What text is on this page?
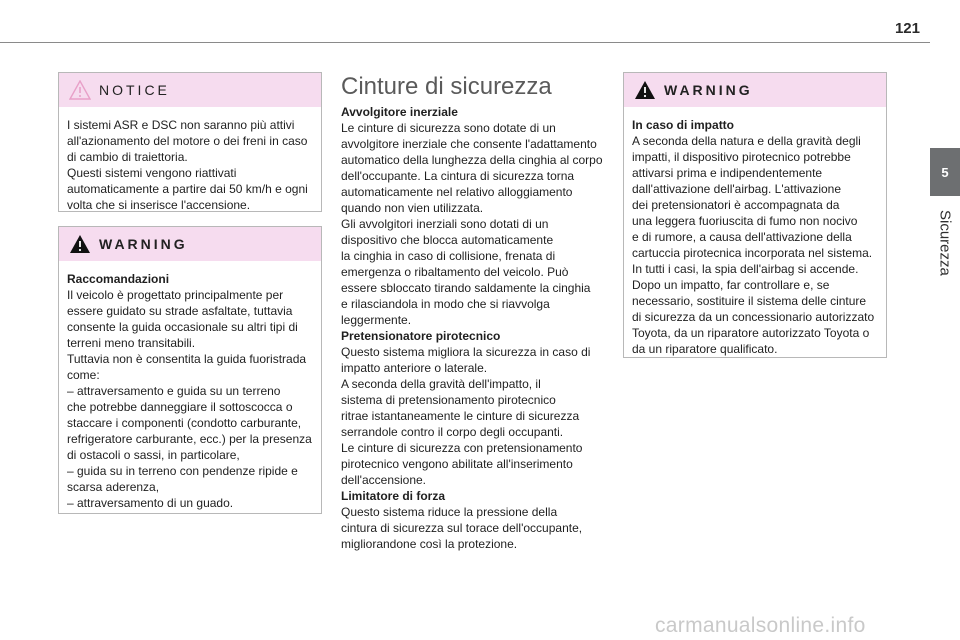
121
5
Sicurezza
NOTICE

I sistemi ASR e DSC non saranno più attivi

all'azionamento del motore o dei freni in caso

di cambio di traiettoria.

Questi sistemi vengono riattivati

automaticamente a partire dai 50 km/h e ogni

volta che si inserisce l'accensione.

WARNING

Raccomandazioni

Il veicolo è progettato principalmente per

essere guidato su strade asfaltate, tuttavia

consente la guida occasionale su altri tipi di

terreni meno transitabili.

Tuttavia non è consentita la guida fuoristrada

come:

– attraversamento e guida su un terreno

che potrebbe danneggiare il sottoscocca o

staccare i componenti (condotto carburante,

refrigeratore carburante, ecc.) per la presenza

di ostacoli o sassi, in particolare,

– guida su in terreno con pendenze ripide e

scarsa aderenza,

– attraversamento di un guado.

Cinture di sicurezza

Avvolgitore inerziale

Le cinture di sicurezza sono dotate di un

avvolgitore inerziale che consente l'adattamento

automatico della lunghezza della cinghia al corpo

dell'occupante. La cintura di sicurezza torna

automaticamente nel relativo alloggiamento

quando non vien utilizzata.

Gli avvolgitori inerziali sono dotati di un

dispositivo che blocca automaticamente

la cinghia in caso di collisione, frenata di

emergenza o ribaltamento del veicolo. Può

essere sbloccato tirando saldamente la cinghia

e rilasciandola in modo che si riavvolga

leggermente.

Pretensionatore pirotecnico

Questo sistema migliora la sicurezza in caso di

impatto anteriore o laterale.

A seconda della gravità dell'impatto, il

sistema di pretensionamento pirotecnico

ritrae istantaneamente le cinture di sicurezza

serrandole contro il corpo degli occupanti.

Le cinture di sicurezza con pretensionamento

pirotecnico vengono abilitate all'inserimento

dell'accensione.

Limitatore di forza

Questo sistema riduce la pressione della

cintura di sicurezza sul torace dell'occupante,

migliorandone così la protezione.

WARNING

In caso di impatto

A seconda della natura e della gravità degli

impatti, il dispositivo pirotecnico potrebbe

attivarsi prima e indipendentemente

dall'attivazione dell'airbag. L'attivazione

dei pretensionatori è accompagnata da

una leggera fuoriuscita di fumo non nocivo

e di rumore, a causa dell'attivazione della

cartuccia pirotecnica incorporata nel sistema.

In tutti i casi, la spia dell'airbag si accende.

Dopo un impatto, far controllare e, se

necessario, sostituire il sistema delle cinture

di sicurezza da un concessionario autorizzato

Toyota, da un riparatore autorizzato Toyota o

da un riparatore qualificato.

carmanualsonline.info
